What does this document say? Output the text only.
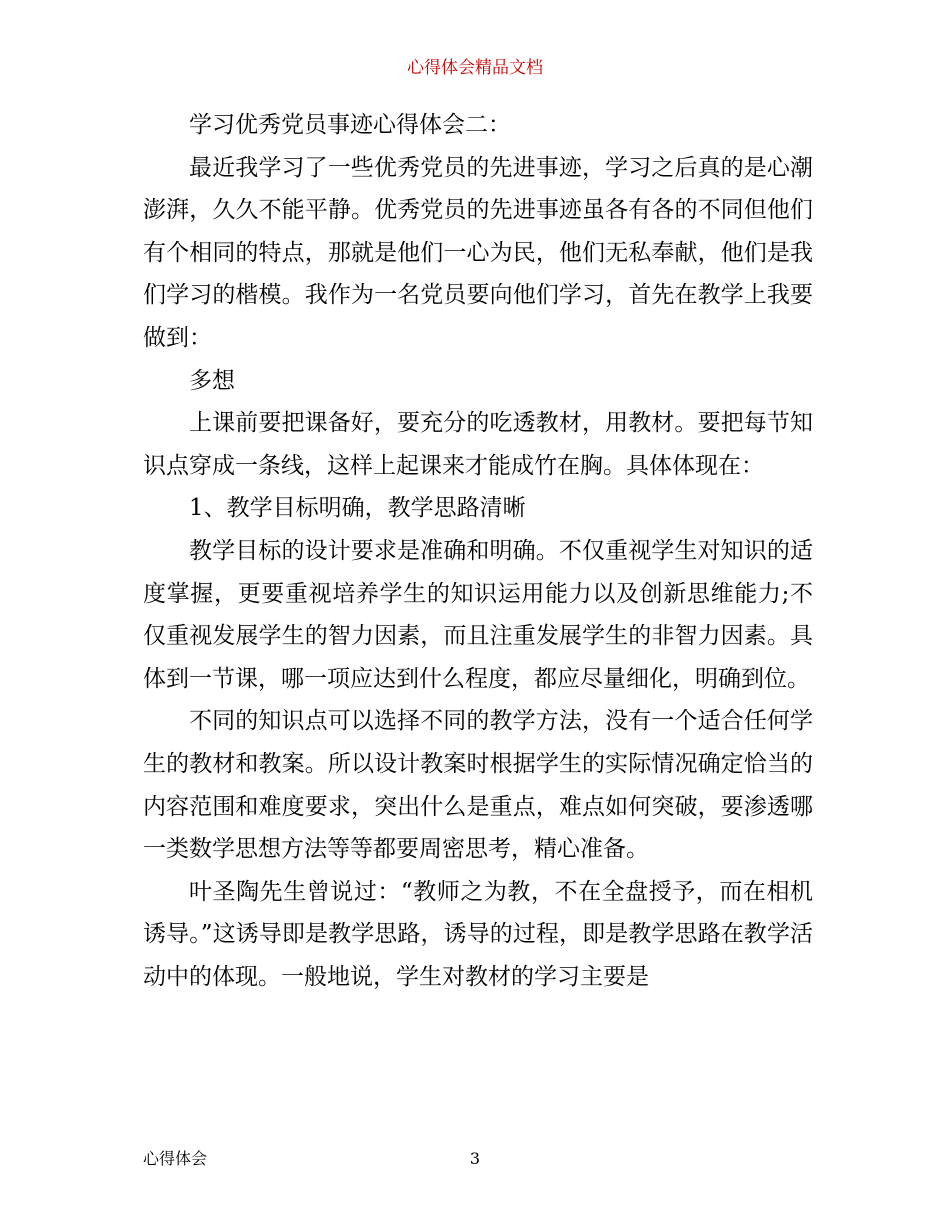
心得体会精品文档

学习优秀党员事迹心得体会二：

最近我学习了一些优秀党员的先进事迹，学习之后真的是心潮澎湃，久久不能平静。优秀党员的先进事迹虽各有各的不同但他们有个相同的特点，那就是他们一心为民，他们无私奉献，他们是我们学习的楷模。我作为一名党员要向他们学习，首先在教学上我要做到：

多想

上课前要把课备好，要充分的吃透教材，用教材。要把每节知识点穿成一条线，这样上起课来才能成竹在胸。具体体现在：

1、教学目标明确，教学思路清晰

教学目标的设计要求是准确和明确。不仅重视学生对知识的适度掌握，更要重视培养学生的知识运用能力以及创新思维能力;不仅重视发展学生的智力因素，而且注重发展学生的非智力因素。具体到一节课，哪一项应达到什么程度，都应尽量细化，明确到位。

不同的知识点可以选择不同的教学方法，没有一个适合任何学生的教材和教案。所以设计教案时根据学生的实际情况确定恰当的内容范围和难度要求，突出什么是重点，难点如何突破，要渗透哪一类数学思想方法等等都要周密思考，精心准备。

叶圣陶先生曾说过：“教师之为教，不在全盘授予，而在相机诱导。”这诱导即是教学思路，诱导的过程，即是教学思路在教学活动中的体现。一般地说，学生对教材的学习主要是

心得体会	3
